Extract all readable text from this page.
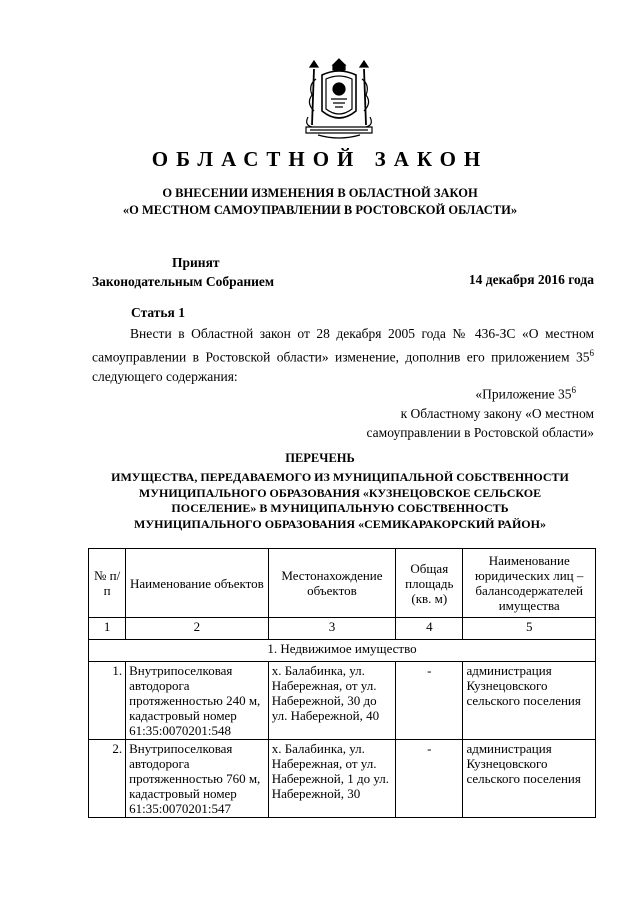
ОБЛАСТНОЙ ЗАКОН
О ВНЕСЕНИИ ИЗМЕНЕНИЯ В ОБЛАСТНОЙ ЗАКОН
«О МЕСТНОМ САМОУПРАВЛЕНИИ В РОСТОВСКОЙ ОБЛАСТИ»
Принят
Законодательным Собранием	14 декабря 2016 года
Статья 1

Внести в Областной закон от 28 декабря 2005 года № 436-ЗС «О местном самоуправлении в Ростовской области» изменение, дополнив его приложением $35^6$ следующего содержания:

«Приложение $35^6$
к Областному закону «О местном
самоуправлении в Ростовской области»
ПЕРЕЧЕНЬ
ИМУЩЕСТВА, ПЕРЕДАВАЕМОГО ИЗ МУНИЦИПАЛЬНОЙ СОБСТВЕННОСТИ
МУНИЦИПАЛЬНОГО ОБРАЗОВАНИЯ «КУЗНЕЦОВСКОЕ СЕЛЬСКОЕ
ПОСЕЛЕНИЕ» В МУНИЦИПАЛЬНУЮ СОБСТВЕННОСТЬ
МУНИЦИПАЛЬНОГО ОБРАЗОВАНИЯ «СЕМИКАРАКОРСКИЙ РАЙОН»
№ п/п	Наименование объектов	Местонахождение объектов	Общая площадь (кв. м)	Наименование юридических лиц – балансодержателей имущества
1	2	3	4	5
1. Недвижимое имущество				
1.	Внутрипоселковая автодорога протяженностью 240 м, кадастровый номер 61:35:0070201:548	х. Балабинка, ул. Набережная, от ул. Набережной, 30 до ул. Набережной, 40	-	администрация Кузнецовского сельского поселения
2.	Внутрипоселковая автодорога протяженностью 760 м, кадастровый номер 61:35:0070201:547	х. Балабинка, ул. Набережная, от ул. Набережной, 1 до ул. Набережной, 30	-	администрация Кузнецовского сельского поселения
